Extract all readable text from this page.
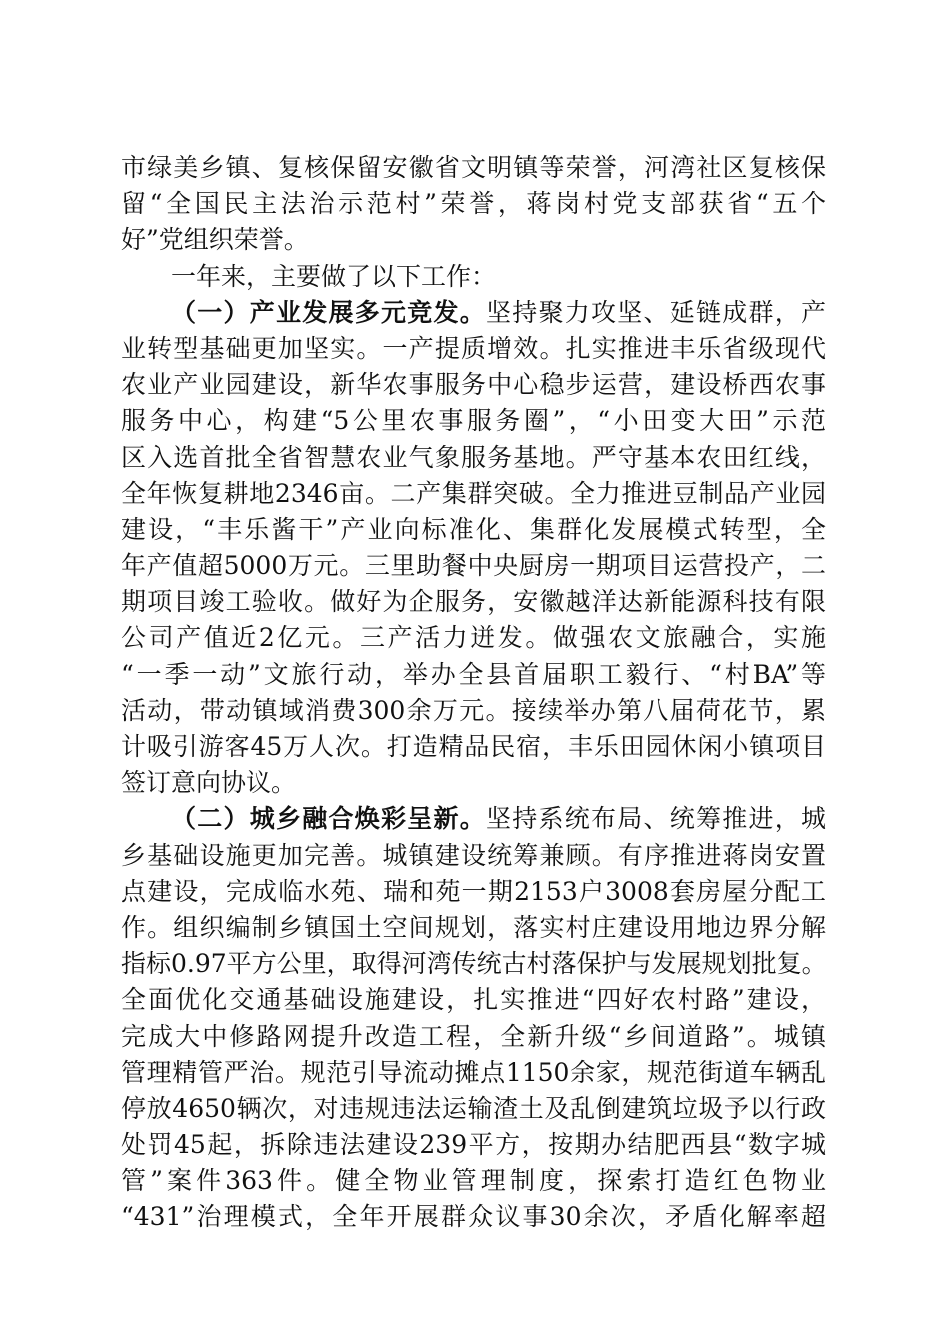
市绿美乡镇、复核保留安徽省文明镇等荣誉，河湾社区复核保
留“全国民主法治示范村”荣誉，蒋岗村党支部获省“五个
好”党组织荣誉。
一年来，主要做了以下工作：
（一）产业发展多元竞发。坚持聚力攻坚、延链成群，产
业转型基础更加坚实。一产提质增效。扎实推进丰乐省级现代
农业产业园建设，新华农事服务中心稳步运营，建设桥西农事
服务中心，构建“5公里农事服务圈”，“小田变大田”示范
区入选首批全省智慧农业气象服务基地。严守基本农田红线，
全年恢复耕地2346亩。二产集群突破。全力推进豆制品产业园
建设，“丰乐酱干”产业向标准化、集群化发展模式转型，全
年产值超5000万元。三里助餐中央厨房一期项目运营投产，二
期项目竣工验收。做好为企服务，安徽越洋达新能源科技有限
公司产值近2亿元。三产活力迸发。做强农文旅融合，实施
“一季一动”文旅行动，举办全县首届职工毅行、“村BA”等
活动，带动镇域消费300余万元。接续举办第八届荷花节，累
计吸引游客45万人次。打造精品民宿，丰乐田园休闲小镇项目
签订意向协议。
（二）城乡融合焕彩呈新。坚持系统布局、统筹推进，城
乡基础设施更加完善。城镇建设统筹兼顾。有序推进蒋岗安置
点建设，完成临水苑、瑞和苑一期2153户3008套房屋分配工
作。组织编制乡镇国土空间规划，落实村庄建设用地边界分解
指标0.97平方公里，取得河湾传统古村落保护与发展规划批复。
全面优化交通基础设施建设，扎实推进“四好农村路”建设，
完成大中修路网提升改造工程，全新升级“乡间道路”。城镇
管理精管严治。规范引导流动摊点1150余家，规范街道车辆乱
停放4650辆次，对违规违法运输渣土及乱倒建筑垃圾予以行政
处罚45起，拆除违法建设239平方，按期办结肥西县“数字城
管”案件363件。健全物业管理制度，探索打造红色物业
“431”治理模式，全年开展群众议事30余次，矛盾化解率超
